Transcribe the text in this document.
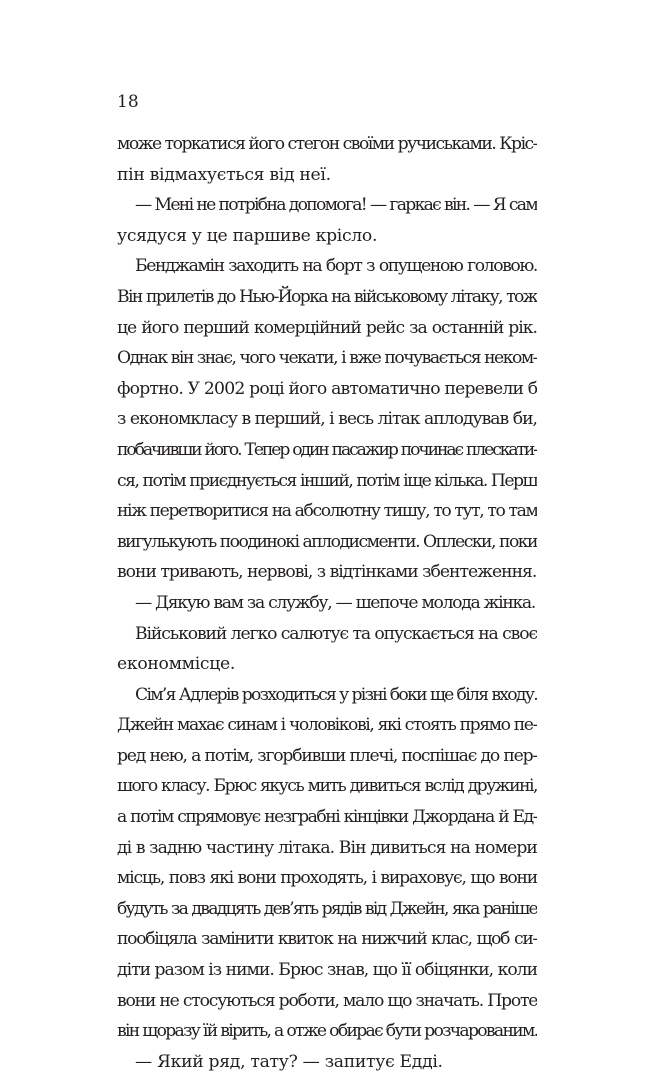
18
може торкатися його стегон своїми ручиськами. Кріс-
пін відмахується від неї.
— Мені не потрібна допомога! — гаркає він. — Я сам
усядуся у це паршиве крісло.
Бенджамін заходить на борт з опущеною головою.
Він прилетів до Нью-Йорка на військовому літаку, тож
це його перший комерційний рейс за останній рік.
Однак він знає, чого чекати, і вже почувається неком-
фортно. У 2002 році його автоматично перевели б
з економкласу в перший, і весь літак аплодував би,
побачивши його. Тепер один пасажир починає плескати-
ся, потім приєднується інший, потім іще кілька. Перш
ніж перетворитися на абсолютну тишу, то тут, то там
вигулькують поодинокі аплодисменти. Оплески, поки
вони тривають, нервові, з відтінками збентеження.
— Дякую вам за службу, — шепоче молода жінка.
Військовий легко салютує та опускається на своє
економмісце.
Сім’я Адлерів розходиться у різні боки ще біля входу.
Джейн махає синам і чоловікові, які стоять прямо пе-
ред нею, а потім, згорбивши плечі, поспішає до пер-
шого класу. Брюс якусь мить дивиться вслід дружині,
а потім спрямовує незграбні кінцівки Джордана й Ед-
ді в задню частину літака. Він дивиться на номери
місць, повз які вони проходять, і вираховує, що вони
будуть за двадцять дев’ять рядів від Джейн, яка раніше
пообіцяла замінити квиток на нижчий клас, щоб си-
діти разом із ними. Брюс знав, що її обіцянки, коли
вони не стосуються роботи, мало що значать. Проте
він щоразу їй вірить, а отже обирає бути розчарованим.
— Який ряд, тату? — запитує Едді.
